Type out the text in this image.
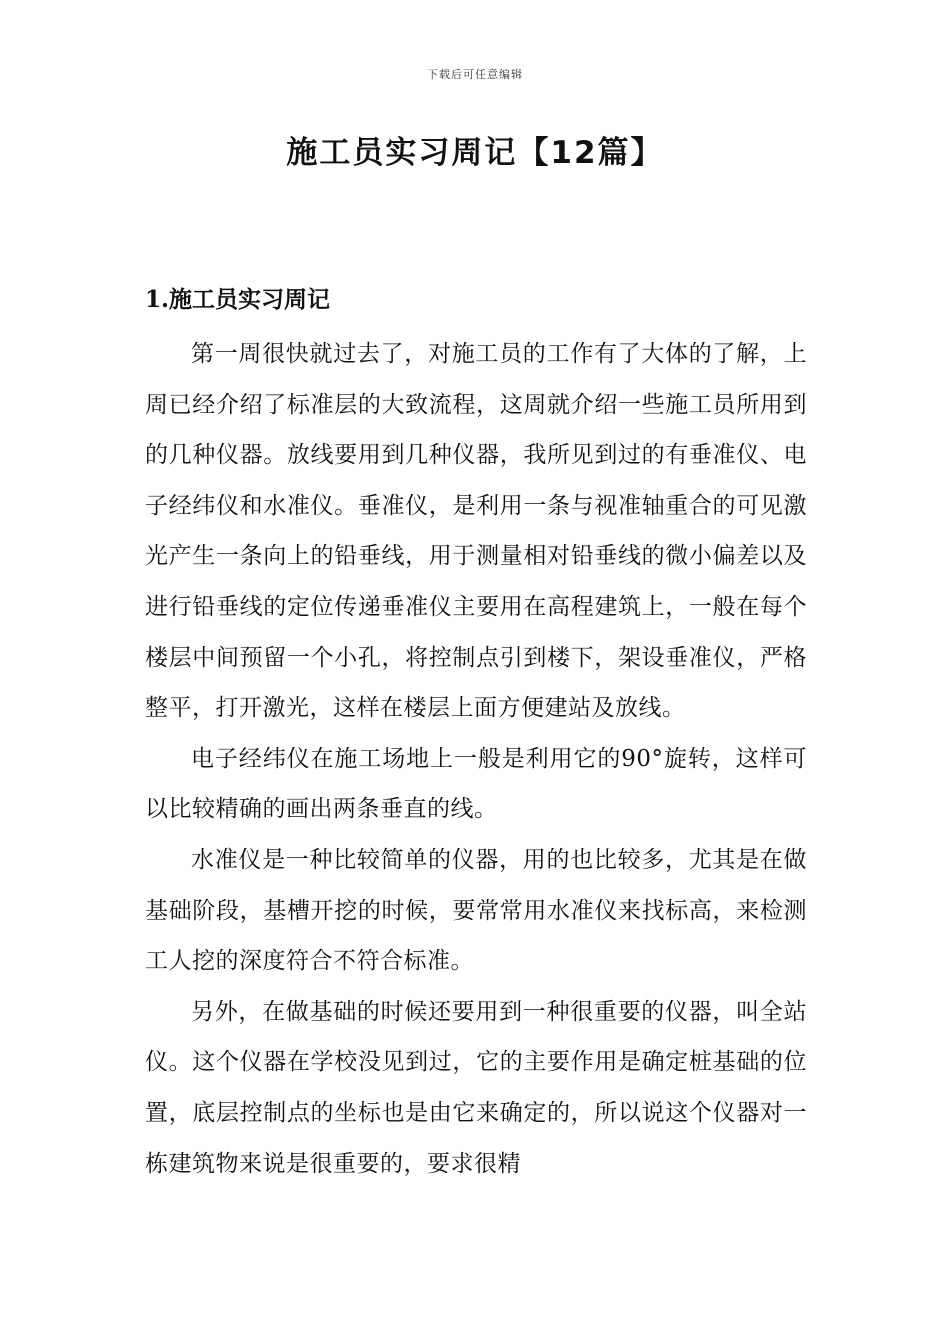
下载后可任意编辑
施工员实习周记【12篇】
1.施工员实习周记

第一周很快就过去了，对施工员的工作有了大体的了解，上周已经介绍了标准层的大致流程，这周就介绍一些施工员所用到的几种仪器。放线要用到几种仪器，我所见到过的有垂准仪、电子经纬仪和水准仪。垂准仪，是利用一条与视准轴重合的可见激光产生一条向上的铅垂线，用于测量相对铅垂线的微小偏差以及进行铅垂线的定位传递垂准仪主要用在高程建筑上，一般在每个楼层中间预留一个小孔，将控制点引到楼下，架设垂准仪，严格整平，打开激光，这样在楼层上面方便建站及放线。

电子经纬仪在施工场地上一般是利用它的90°旋转，这样可以比较精确的画出两条垂直的线。

水准仪是一种比较简单的仪器，用的也比较多，尤其是在做基础阶段，基槽开挖的时候，要常常用水准仪来找标高，来检测工人挖的深度符合不符合标准。

另外，在做基础的时候还要用到一种很重要的仪器，叫全站仪。这个仪器在学校没见到过，它的主要作用是确定桩基础的位置，底层控制点的坐标也是由它来确定的，所以说这个仪器对一栋建筑物来说是很重要的，要求很精
